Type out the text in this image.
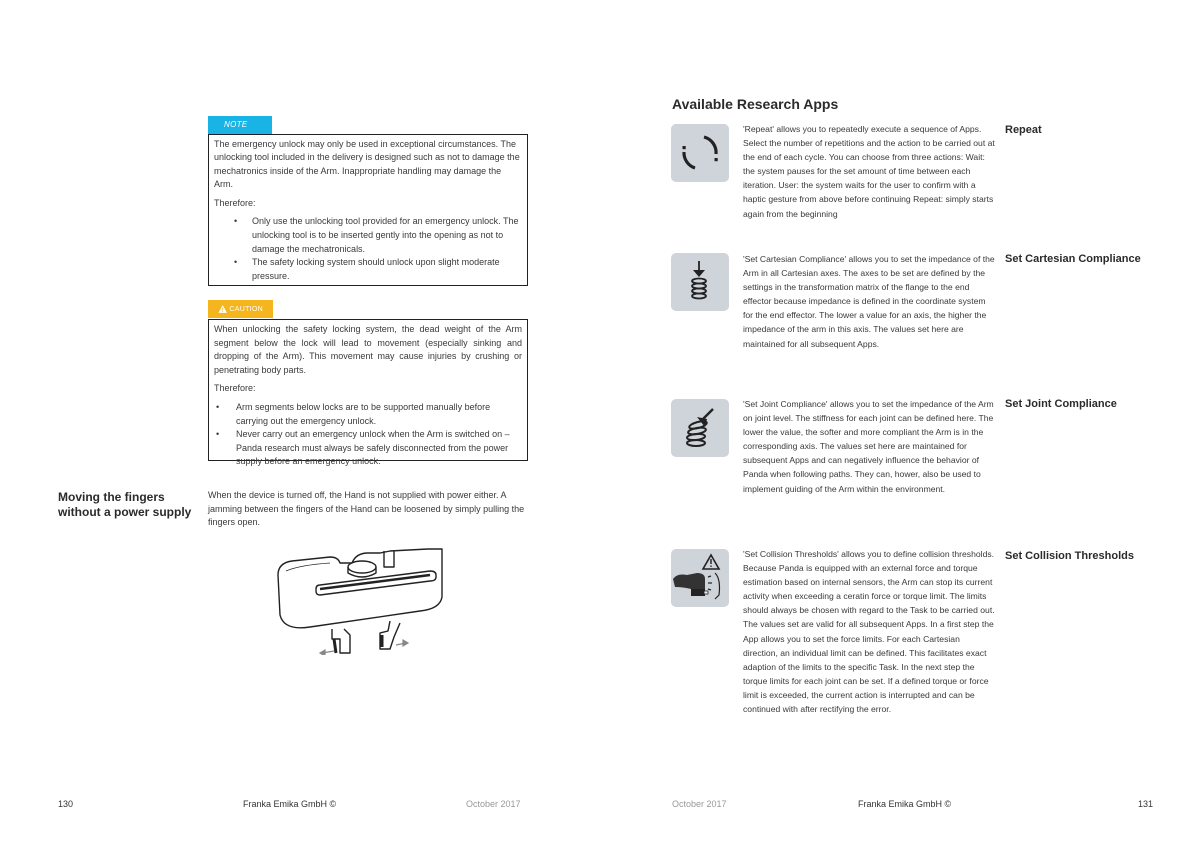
NOTE

The emergency unlock may only be used in exceptional circumstances. The unlocking tool included in the delivery is designed such as not to damage the mechatronics inside of the Arm. Inappropriate handling may damage the Arm.

Therefore:

• Only use the unlocking tool provided for an emergency unlock. The unlocking tool is to be inserted gently into the opening as not to damage the mechatronicals.
• The safety locking system should unlock upon slight moderate pressure.
CAUTION

When unlocking the safety locking system, the dead weight of the Arm segment below the lock will lead to movement (especially sinking and dropping of the Arm). This movement may cause injuries by crushing or penetrating body parts.

Therefore:

• Arm segments below locks are to be supported manually before carrying out the emergency unlock.
• Never carry out an emergency unlock when the Arm is switched on – Panda research must always be safely disconnected from the power supply before an emergency unlock.
Moving the fingers
without a power supply
When the device is turned off, the Hand is not supplied with power either. A jamming between the fingers of the Hand can be loosened by simply pulling the fingers open.
130	Franka Emika GmbH ©	October 2017
Available Research Apps
'Repeat' allows you to repeatedly execute a sequence of Apps. Select the number of repetitions and the action to be carried out at the end of each cycle. You can choose from three actions: Wait: the system pauses for the set amount of time between each iteration. User: the system waits for the user to confirm with a haptic gesture from above before continuing Repeat: simply starts again from the beginning
Repeat
'Set Cartesian Compliance' allows you to set the impedance of the Arm in all Cartesian axes. The axes to be set are defined by the settings in the transformation matrix of the flange to the end effector because impedance is defined in the coordinate system for the end effector. The lower a value for an axis, the higher the impedance of the arm in this axis. The values set here are maintained for all subsequent Apps.
Set Cartesian Compliance
'Set Joint Compliance' allows you to set the impedance of the Arm on joint level. The stiffness for each joint can be defined here. The lower the value, the softer and more compliant the Arm is in the corresponding axis. The values set here are maintained for subsequent Apps and can negatively influence the behavior of Panda when following paths. They can, hower, also be used to implement guiding of the Arm within the environment.
Set Joint Compliance
'Set Collision Thresholds' allows you to define collision thresholds. Because Panda is equipped with an external force and torque estimation based on internal sensors, the Arm can stop its current activity when exceeding a ceratin force or torque limit. The limits should always be chosen with regard to the Task to be carried out. The values set are valid for all subsequent Apps. In a first step the App allows you to set the force limits. For each Cartesian direction, an individual limit can be defined. This facilitates exact adaption of the limits to the specific Task. In the next step the torque limits for each joint can be set. If a defined torque or force limit is exceeded, the current action is interrupted and can be continued with after rectifying the error.
Set Collision Thresholds
October 2017	Franka Emika GmbH ©	131
